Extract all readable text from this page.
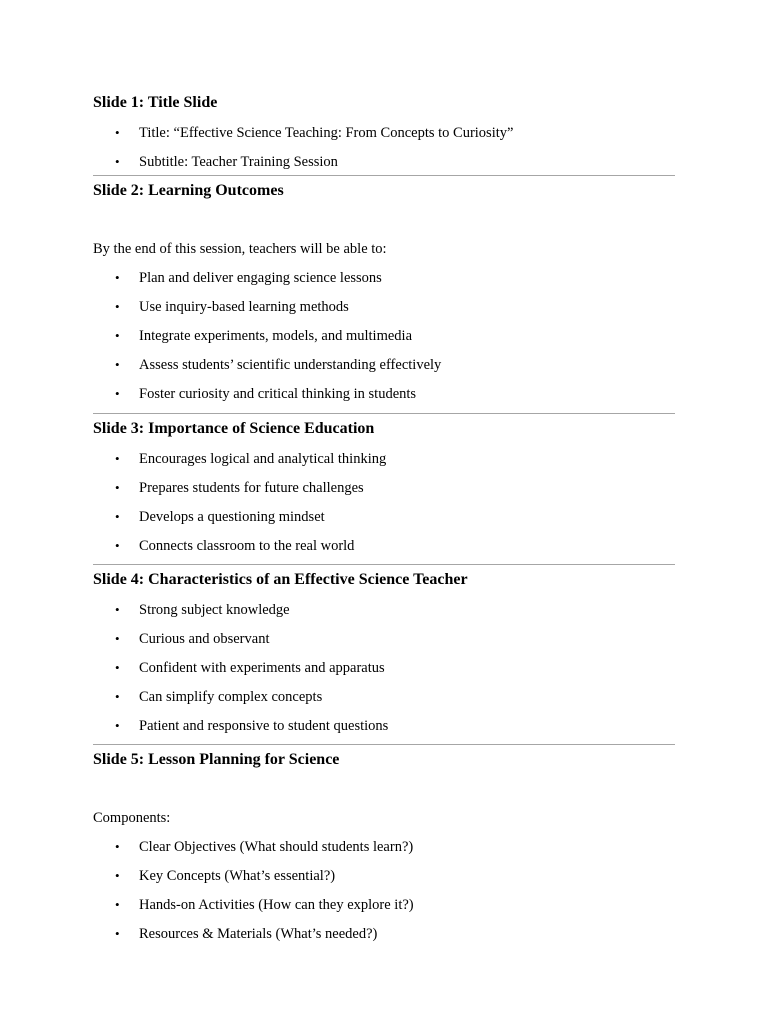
Slide 1: Title Slide
• Title: “Effective Science Teaching: From Concepts to Curiosity”
• Subtitle: Teacher Training Session
Slide 2: Learning Outcomes

By the end of this session, teachers will be able to:

• Plan and deliver engaging science lessons
• Use inquiry-based learning methods
• Integrate experiments, models, and multimedia
• Assess students’ scientific understanding effectively
• Foster curiosity and critical thinking in students
Slide 3: Importance of Science Education
• Encourages logical and analytical thinking
• Prepares students for future challenges
• Develops a questioning mindset
• Connects classroom to the real world
Slide 4: Characteristics of an Effective Science Teacher
• Strong subject knowledge
• Curious and observant
• Confident with experiments and apparatus
• Can simplify complex concepts
• Patient and responsive to student questions
Slide 5: Lesson Planning for Science

Components:

• Clear Objectives (What should students learn?)
• Key Concepts (What’s essential?)
• Hands-on Activities (How can they explore it?)
• Resources & Materials (What’s needed?)
